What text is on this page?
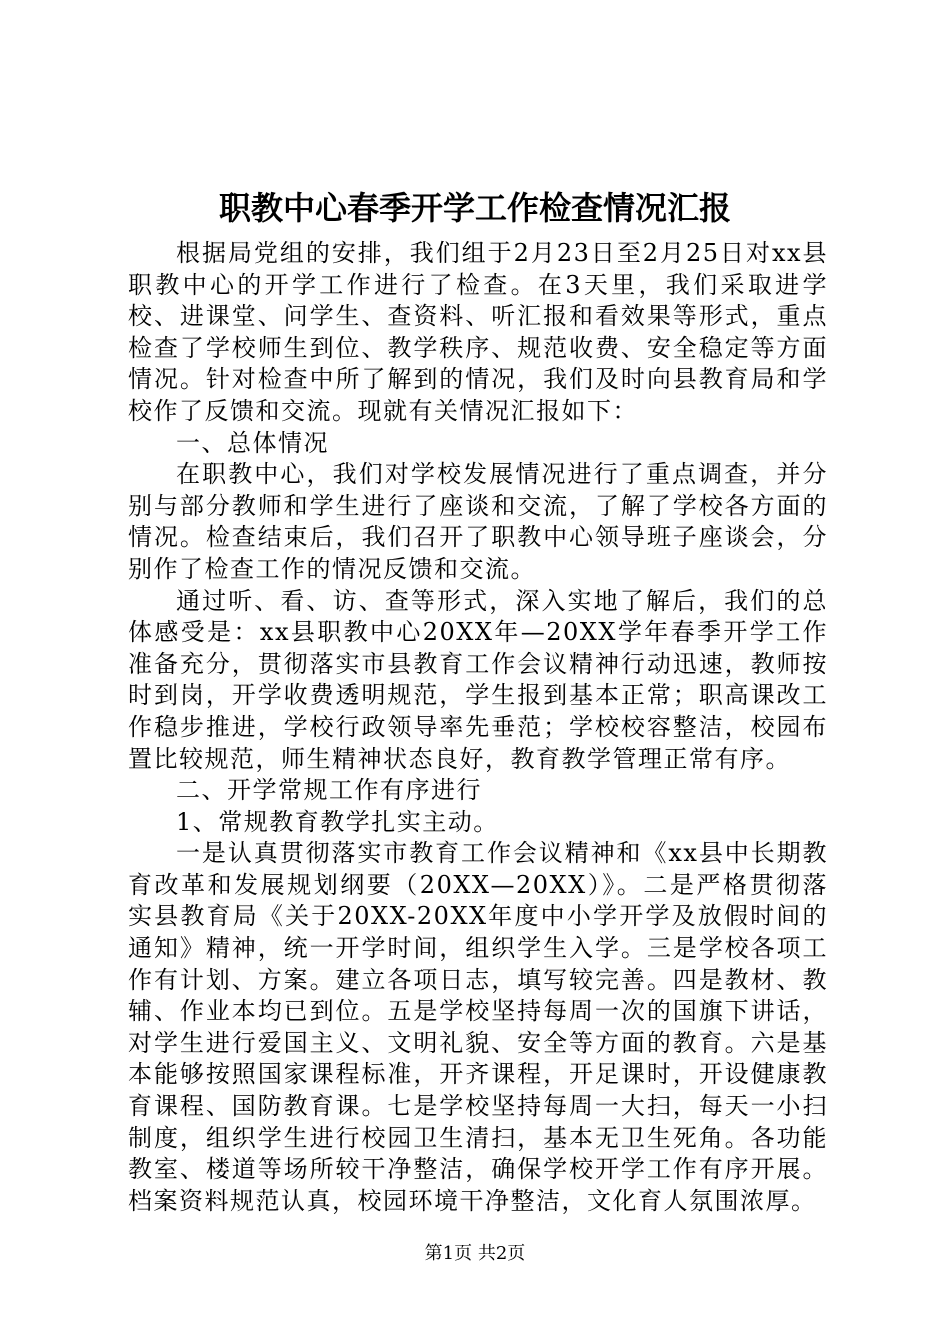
职教中心春季开学工作检查情况汇报

根据局党组的安排，我们组于2月23日至2月25日对xx县职教中心的开学工作进行了检查。在3天里，我们采取进学校、进课堂、问学生、查资料、听汇报和看效果等形式，重点检查了学校师生到位、教学秩序、规范收费、安全稳定等方面情况。针对检查中所了解到的情况，我们及时向县教育局和学校作了反馈和交流。现就有关情况汇报如下：

一、总体情况

在职教中心，我们对学校发展情况进行了重点调查，并分别与部分教师和学生进行了座谈和交流，了解了学校各方面的情况。检查结束后，我们召开了职教中心领导班子座谈会，分别作了检查工作的情况反馈和交流。

通过听、看、访、查等形式，深入实地了解后，我们的总体感受是：xx县职教中心20XX年—20XX学年春季开学工作准备充分，贯彻落实市县教育工作会议精神行动迅速，教师按时到岗，开学收费透明规范，学生报到基本正常；职高课改工作稳步推进，学校行政领导率先垂范；学校校容整洁，校园布置比较规范，师生精神状态良好，教育教学管理正常有序。

二、开学常规工作有序进行

1、常规教育教学扎实主动。

一是认真贯彻落实市教育工作会议精神和《xx县中长期教育改革和发展规划纲要（20XX—20XX）》。二是严格贯彻落实县教育局《关于20XX-20XX年度中小学开学及放假时间的通知》精神，统一开学时间，组织学生入学。三是学校各项工作有计划、方案。建立各项日志，填写较完善。四是教材、教辅、作业本均已到位。五是学校坚持每周一次的国旗下讲话，对学生进行爱国主义、文明礼貌、安全等方面的教育。六是基本能够按照国家课程标准，开齐课程，开足课时，开设健康教育课程、国防教育课。七是学校坚持每周一大扫，每天一小扫制度，组织学生进行校园卫生清扫，基本无卫生死角。各功能教室、楼道等场所较干净整洁，确保学校开学工作有序开展。档案资料规范认真，校园环境干净整洁，文化育人氛围浓厚。

第1页 共2页
